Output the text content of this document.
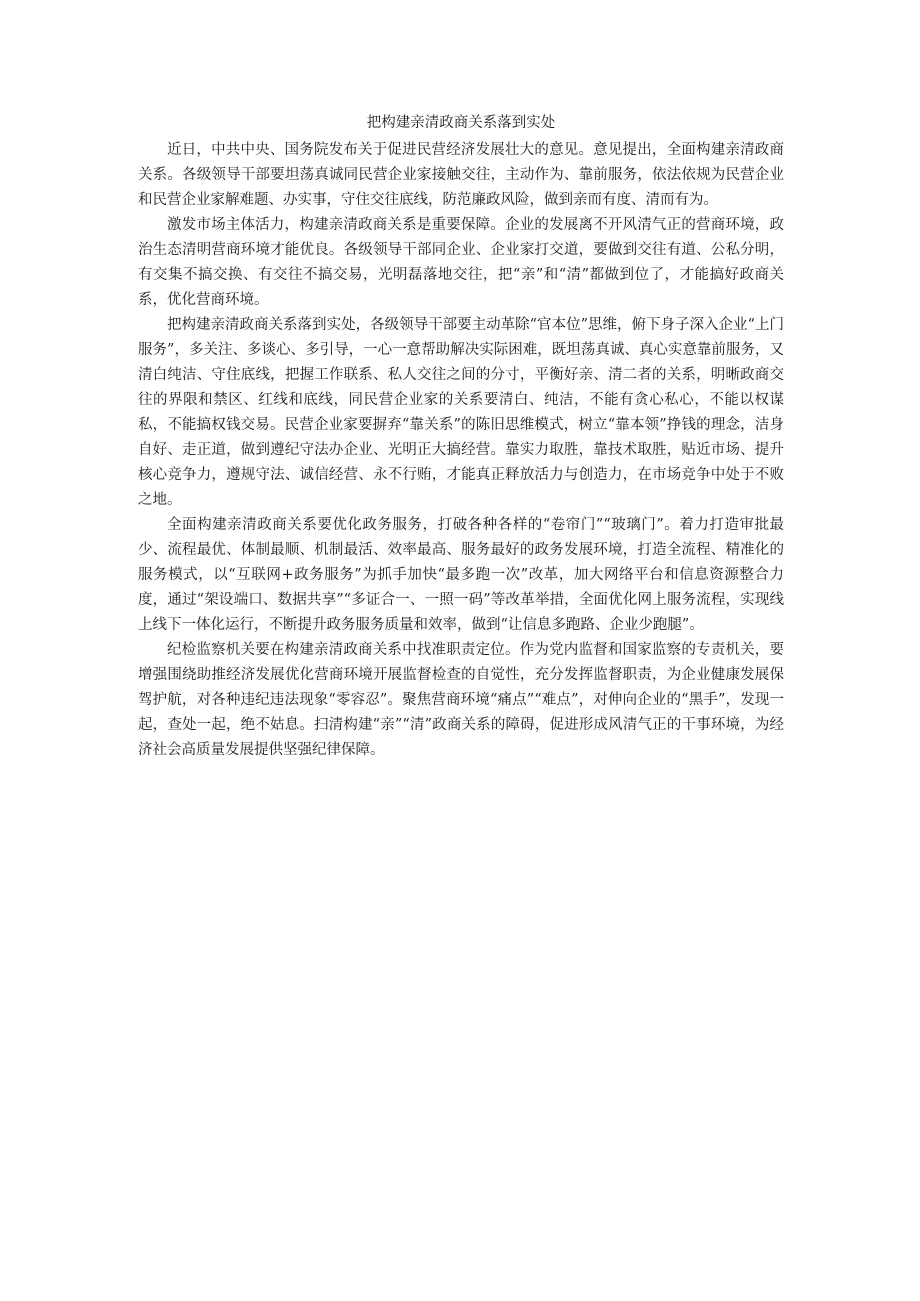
把构建亲清政商关系落到实处

近日，中共中央、国务院发布关于促进民营经济发展壮大的意见。意见提出，全面构建亲清政商关系。各级领导干部要坦荡真诚同民营企业家接触交往，主动作为、靠前服务，依法依规为民营企业和民营企业家解难题、办实事，守住交往底线，防范廉政风险，做到亲而有度、清而有为。

激发市场主体活力，构建亲清政商关系是重要保障。企业的发展离不开风清气正的营商环境，政治生态清明营商环境才能优良。各级领导干部同企业、企业家打交道，要做到交往有道、公私分明，有交集不搞交换、有交往不搞交易，光明磊落地交往，把“亲”和“清”都做到位了，才能搞好政商关系，优化营商环境。

把构建亲清政商关系落到实处，各级领导干部要主动革除“官本位”思维，俯下身子深入企业“上门服务”，多关注、多谈心、多引导，一心一意帮助解决实际困难，既坦荡真诚、真心实意靠前服务，又清白纯洁、守住底线，把握工作联系、私人交往之间的分寸，平衡好亲、清二者的关系，明晰政商交往的界限和禁区、红线和底线，同民营企业家的关系要清白、纯洁，不能有贪心私心，不能以权谋私，不能搞权钱交易。民营企业家要摒弃“靠关系”的陈旧思维模式，树立“靠本领”挣钱的理念，洁身自好、走正道，做到遵纪守法办企业、光明正大搞经营。靠实力取胜，靠技术取胜，贴近市场、提升核心竞争力，遵规守法、诚信经营、永不行贿，才能真正释放活力与创造力，在市场竞争中处于不败之地。

全面构建亲清政商关系要优化政务服务，打破各种各样的“卷帘门”“玻璃门”。着力打造审批最少、流程最优、体制最顺、机制最活、效率最高、服务最好的政务发展环境，打造全流程、精准化的服务模式，以“互联网+政务服务”为抓手加快“最多跑一次”改革，加大网络平台和信息资源整合力度，通过“架设端口、数据共享”“多证合一、一照一码”等改革举措，全面优化网上服务流程，实现线上线下一体化运行，不断提升政务服务质量和效率，做到“让信息多跑路、企业少跑腿”。

纪检监察机关要在构建亲清政商关系中找准职责定位。作为党内监督和国家监察的专责机关，要增强围绕助推经济发展优化营商环境开展监督检查的自觉性，充分发挥监督职责，为企业健康发展保驾护航，对各种违纪违法现象“零容忍”。聚焦营商环境“痛点”“难点”，对伸向企业的“黑手”，发现一起，查处一起，绝不姑息。扫清构建“亲”“清”政商关系的障碍，促进形成风清气正的干事环境，为经济社会高质量发展提供坚强纪律保障。
